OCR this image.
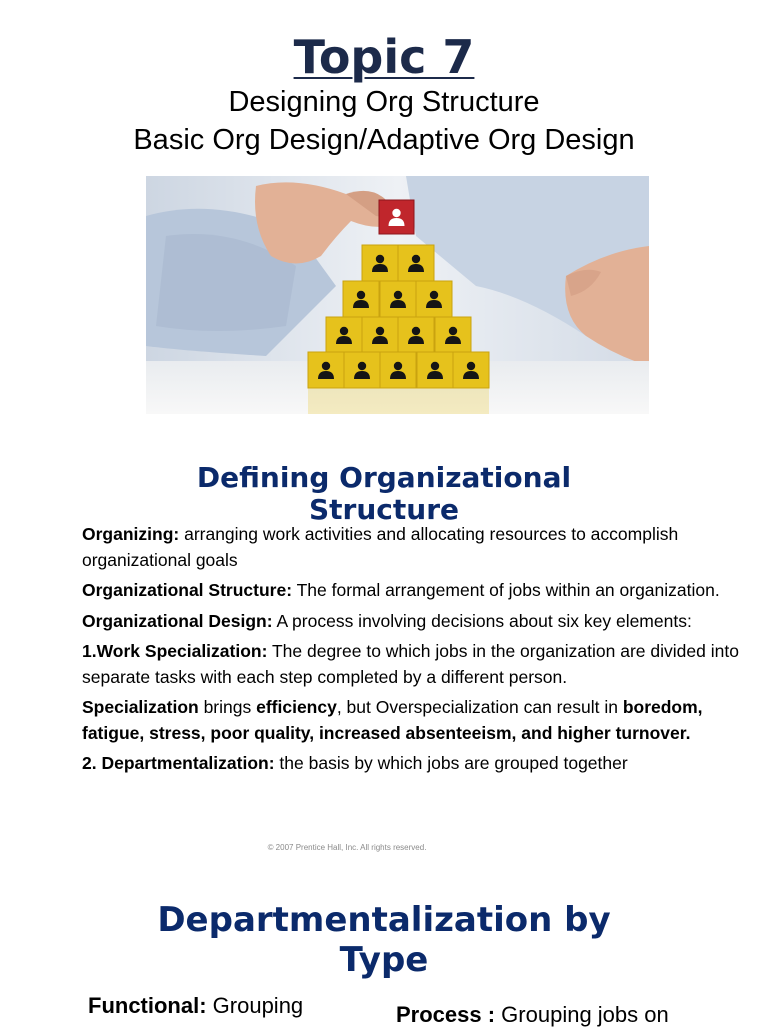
Topic 7
Designing Org Structure
Basic Org Design/Adaptive Org Design
Defining Organizational
Structure
Organizing: arranging work activities and allocating resources to accomplish organizational goals
Organizational Structure: The formal arrangement of jobs within an organization.
Organizational Design: A process involving decisions about six key elements:
1.Work Specialization: The degree to which jobs in the organization are divided into separate tasks with each step completed by a different person.
Specialization brings efficiency, but Overspecialization can result in boredom, fatigue, stress, poor quality, increased absenteeism, and higher turnover.
2. Departmentalization: the basis by which jobs are grouped together
© 2007 Prentice Hall, Inc. All rights reserved.
Departmentalization by
Type
Functional: Grouping	Process : Grouping jobs on
